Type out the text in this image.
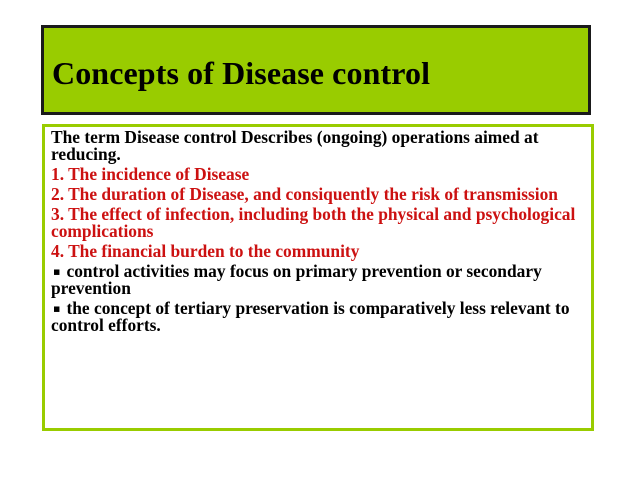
Concepts of Disease control

The term Disease control Describes (ongoing) operations aimed at reducing.

1. The incidence of Disease

2. The duration of Disease, and consiquently the risk of transmission

3. The effect of infection, including both the physical and psychological complications

4. The financial burden to the community

▪ control activities may focus on primary prevention or secondary prevention

▪ the concept of tertiary preservation is comparatively less relevant to control efforts.
